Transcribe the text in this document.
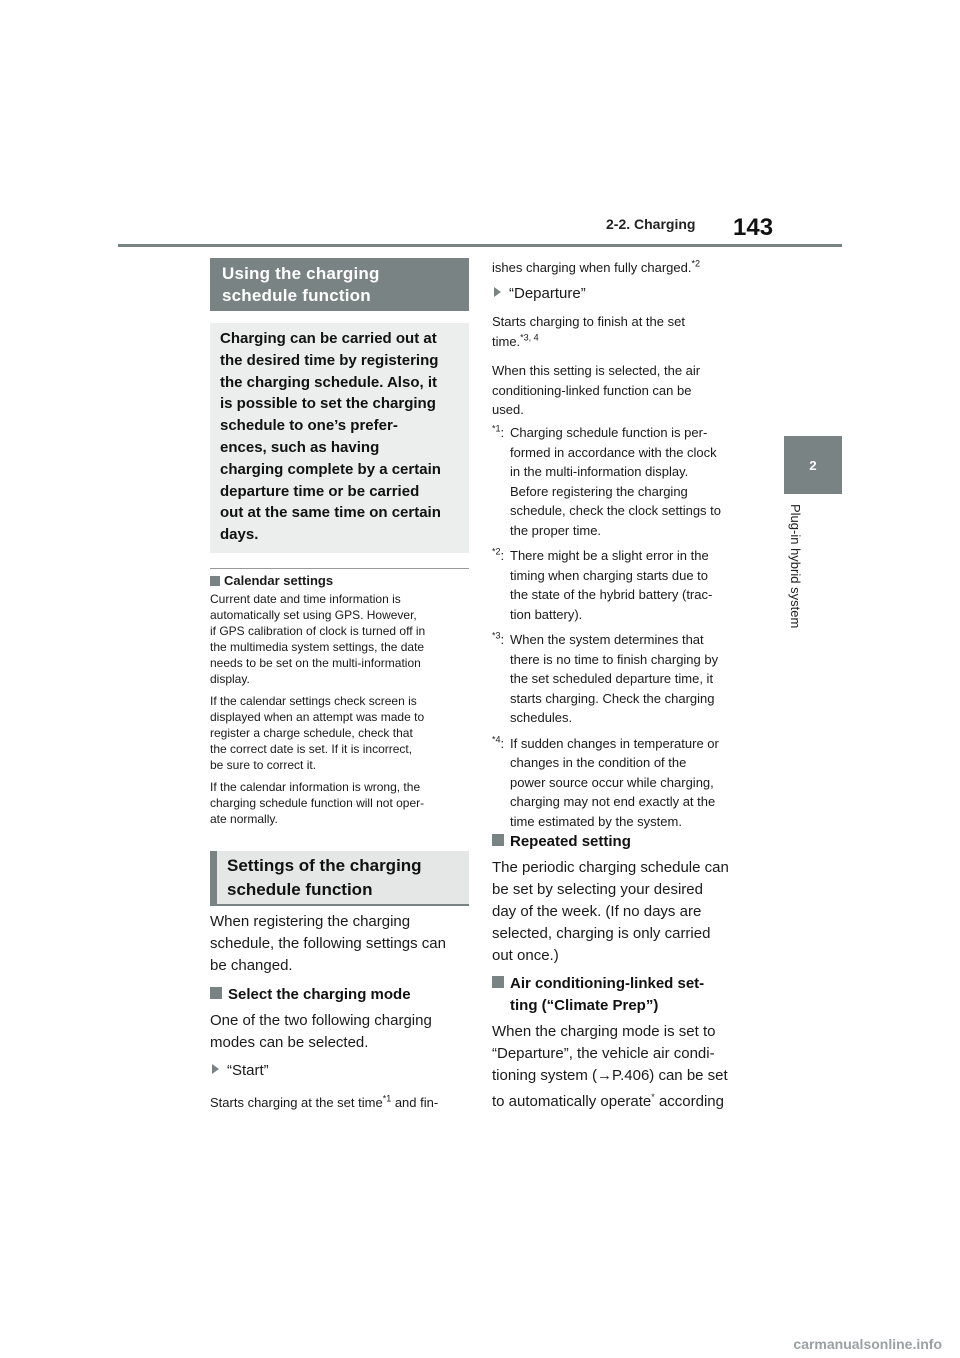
2-2. Charging 143
2
Plug-in hybrid system
Using the charging
schedule function
Charging can be carried out at
the desired time by registering
the charging schedule. Also, it
is possible to set the charging
schedule to one’s prefer-
ences, such as having
charging complete by a certain
departure time or be carried
out at the same time on certain
days.
Calendar settings

Current date and time information is
automatically set using GPS. However,
if GPS calibration of clock is turned off in
the multimedia system settings, the date
needs to be set on the multi-information
display.

If the calendar settings check screen is
displayed when an attempt was made to
register a charge schedule, check that
the correct date is set. If it is incorrect,
be sure to correct it.

If the calendar information is wrong, the
charging schedule function will not oper-
ate normally.

Settings of the charging
schedule function

When registering the charging

schedule, the following settings can

be changed.

Select the charging mode

One of the two following charging

modes can be selected.

“Start”
Starts charging at the set time$^{*1}$ and fin-
ishes charging when fully charged.$^{*2}$
“Departure”
Starts charging to finish at the set
time.$^{*3, 4}$
When this setting is selected, the air
conditioning-linked function can be
used.
$^{*1}$: Charging schedule function is per-
formed in accordance with the clock
in the multi-information display.
Before registering the charging
schedule, check the clock settings to
the proper time.
$^{*2}$: There might be a slight error in the
timing when charging starts due to
the state of the hybrid battery (trac-
tion battery).
$^{*3}$: When the system determines that
there is no time to finish charging by
the set scheduled departure time, it
starts charging. Check the charging
schedules.
$^{*4}$: If sudden changes in temperature or
changes in the condition of the
power source occur while charging,
charging may not end exactly at the
time estimated by the system.
Repeated setting

The periodic charging schedule can

be set by selecting your desired

day of the week. (If no days are

selected, charging is only carried

out once.)

Air conditioning-linked set-
ting (“Climate Prep”)

When the charging mode is set to

“Departure”, the vehicle air condi-

tioning system (→P.406) can be set

to automatically operate* according

carmanualsonline.info
